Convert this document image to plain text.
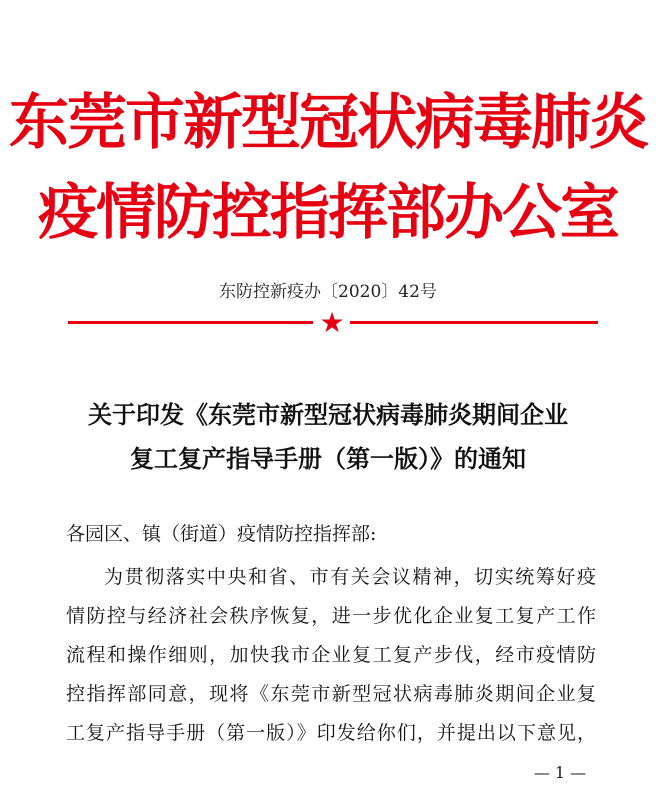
东莞市新型冠状病毒肺炎
疫情防控指挥部办公室
东防控新疫办〔2020〕42号
★
关于印发《东莞市新型冠状病毒肺炎期间企业
复工复产指导手册（第一版）》的通知
各园区、镇（街道）疫情防控指挥部:
为贯彻落实中央和省、市有关会议精神，切实统筹好疫
情防控与经济社会秩序恢复，进一步优化企业复工复产工作
流程和操作细则，加快我市企业复工复产步伐，经市疫情防
控指挥部同意，现将《东莞市新型冠状病毒肺炎期间企业复
工复产指导手册（第一版）》印发给你们，并提出以下意见，
— 1 —
